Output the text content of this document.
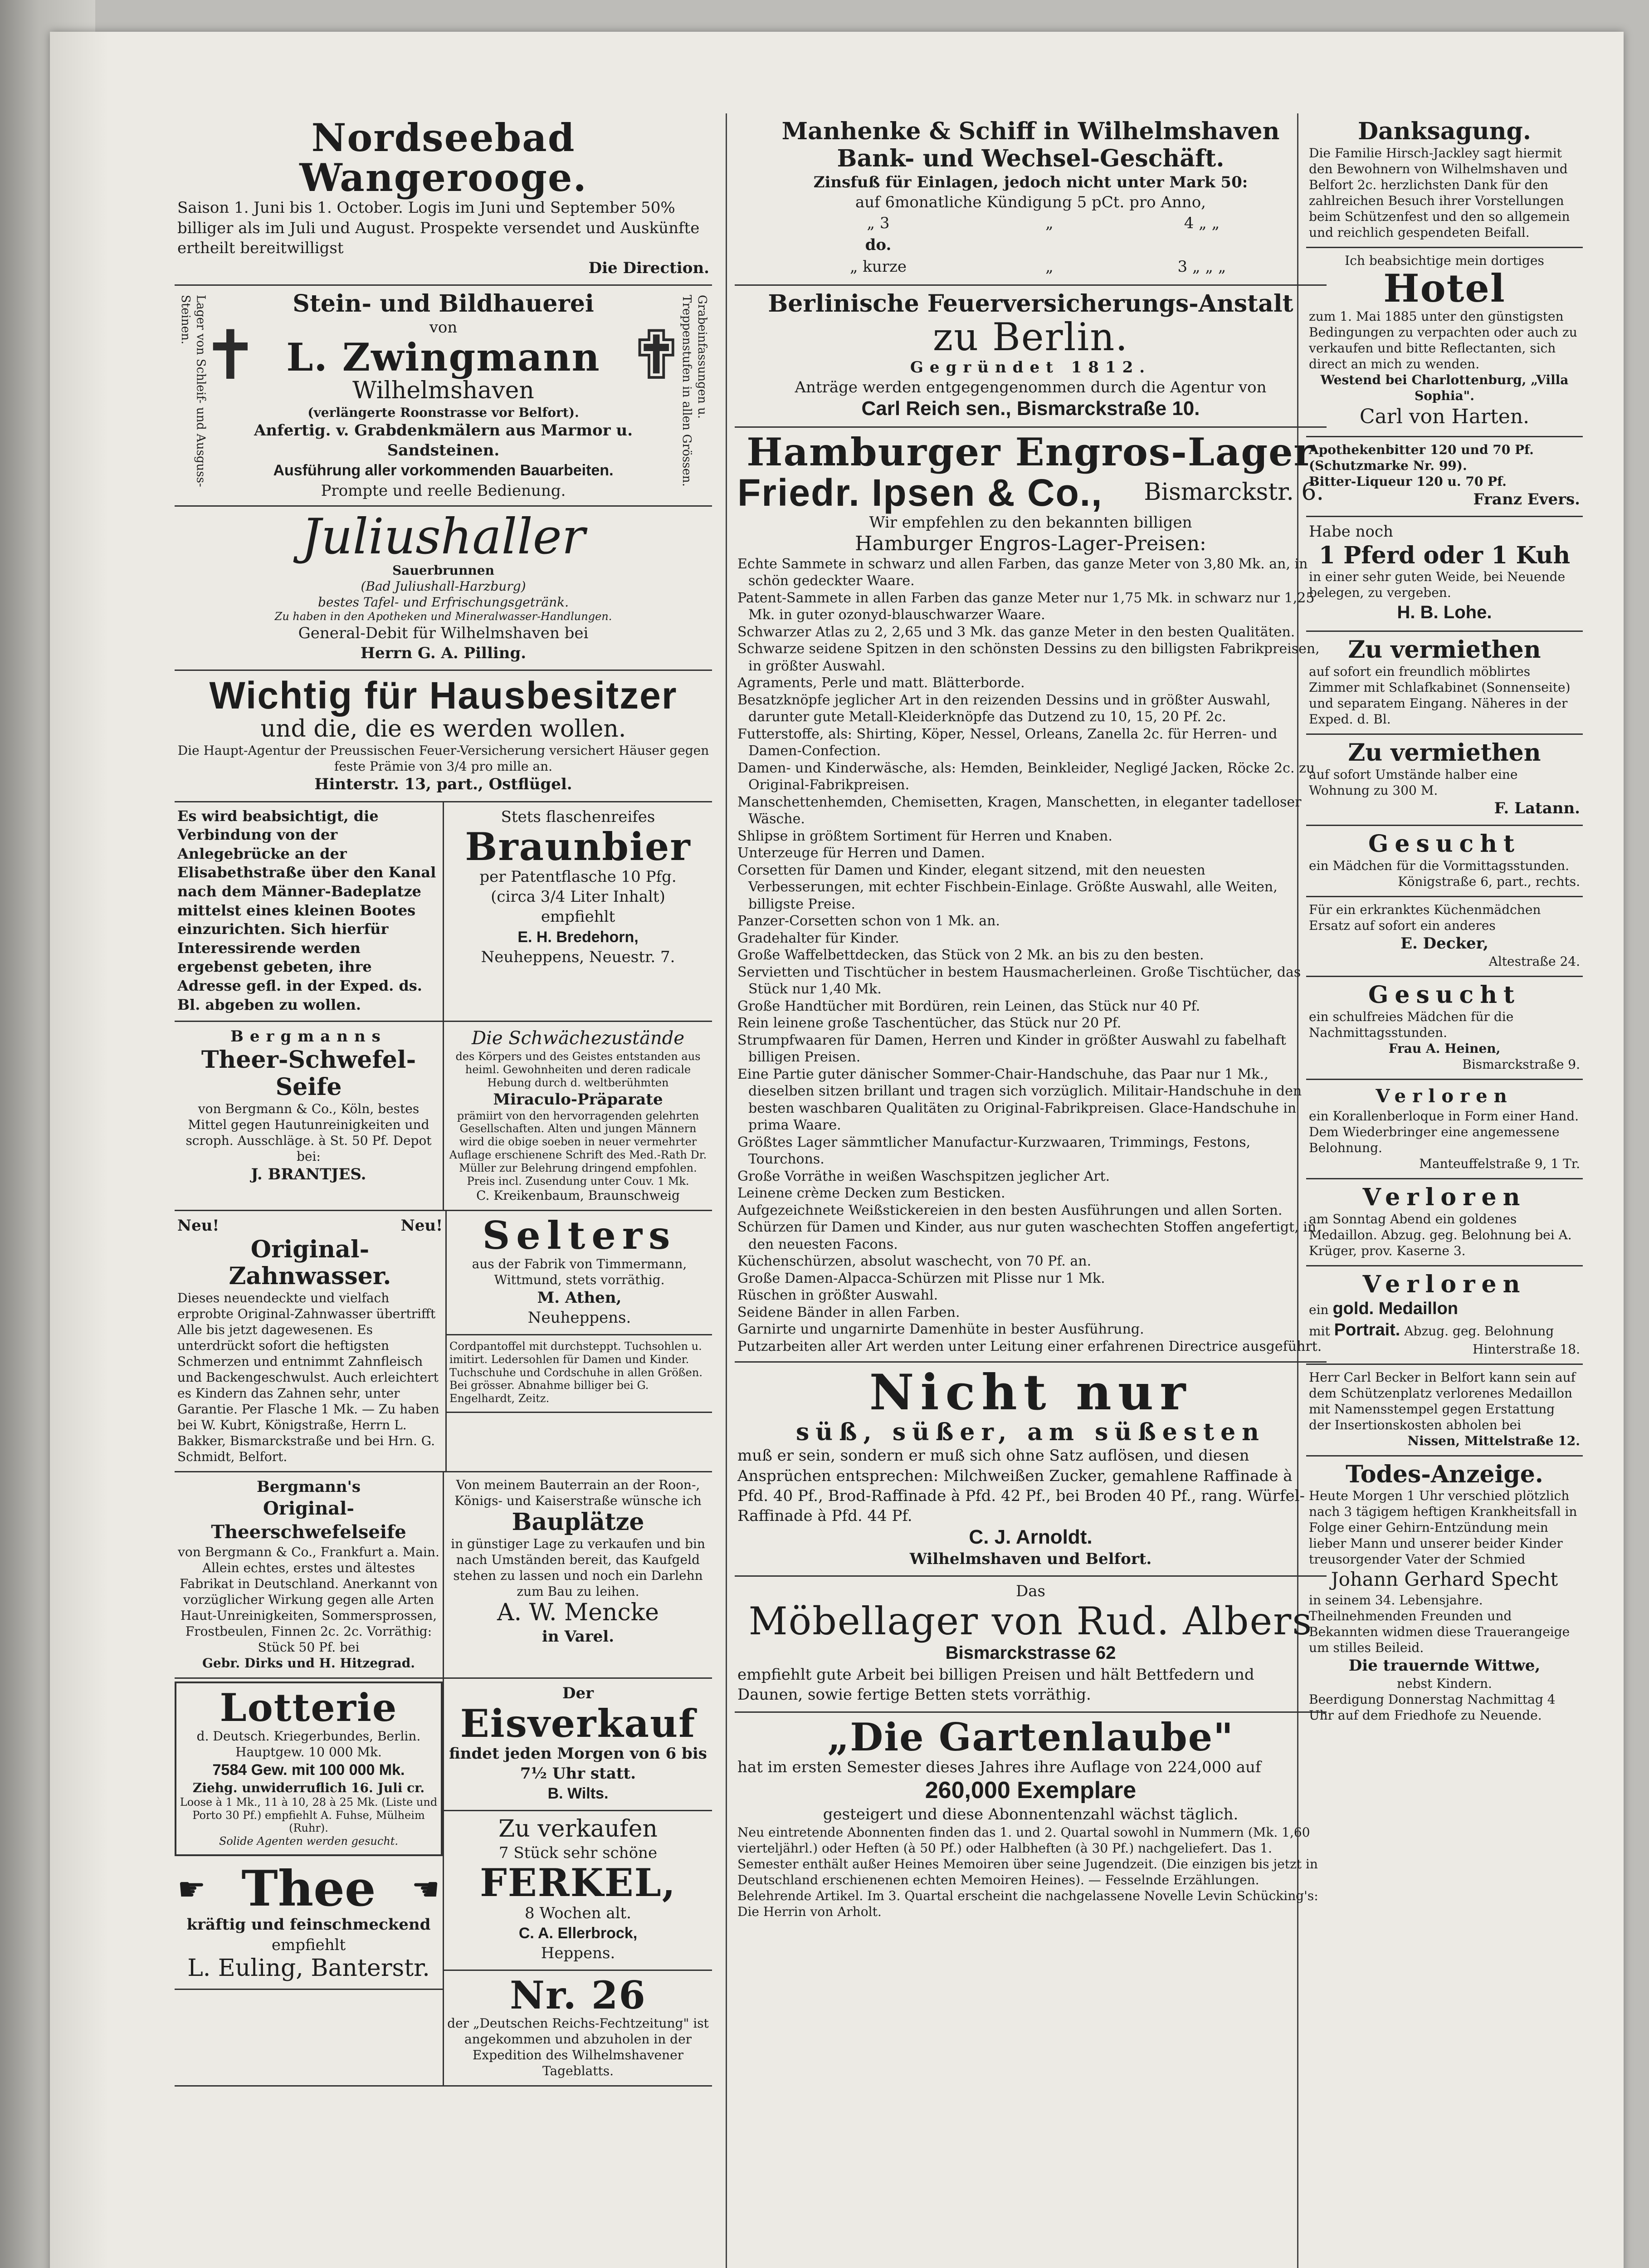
Nordseebad Wangerooge.
Saison 1. Juni bis 1. October. Logis im Juni und September 50% billiger als im Juli und August. Prospekte versendet und Auskünfte ertheilt bereitwilligst
Die Direction.
Lager von Schleif- und Ausguss-Steinen.	Grabeinfassungen u. Treppenstufen in allen Grössen.
✝
Stein- und Bildhauerei
von
L. Zwingmann
Wilhelmshaven
(verlängerte Roonstrasse vor Belfort).
✟
Anfertig. v. Grabdenkmälern aus Marmor u. Sandsteinen.
Ausführung aller vorkommenden Bauarbeiten.
Prompte und reelle Bedienung.
Juliushaller
Sauerbrunnen
(Bad Juliushall-Harzburg)
bestes Tafel- und Erfrischungsgetränk.
Zu haben in den Apotheken und Mineralwasser-Handlungen.
General-Debit für Wilhelmshaven bei
Herrn G. A. Pilling.
Wichtig für Hausbesitzer
und die, die es werden wollen.
Die Haupt-Agentur der Preussischen Feuer-Versicherung versichert Häuser gegen feste Prämie von 3/4 pro mille an.
Hinterstr. 13, part., Ostflügel.
Es wird beabsichtigt, die Verbindung von der Anlegebrücke an der Elisabethstraße über den Kanal nach dem Männer-Badeplatze mittelst eines kleinen Bootes einzurichten. Sich hierfür Interessirende werden ergebenst gebeten, ihre Adresse gefl. in der Exped. ds. Bl. abgeben zu wollen.
Stets flaschenreifes
Braunbier
per Patentflasche 10 Pfg.
(circa 3/4 Liter Inhalt)
empfiehlt
E. H. Bredehorn,
Neuheppens, Neuestr. 7.
Bergmanns
Theer-Schwefel-Seife
von Bergmann & Co., Köln, bestes Mittel gegen Hautunreinigkeiten und scroph. Ausschläge. à St. 50 Pf. Depot bei:
J. BRANTJES.
Die Schwächezustände
des Körpers und des Geistes entstanden aus heiml. Gewohnheiten und deren radicale Hebung durch d. weltberühmten
Miraculo-Präparate
prämiirt von den hervorragenden gelehrten Gesellschaften. Alten und jungen Männern wird die obige soeben in neuer vermehrter Auflage erschienene Schrift des Med.-Rath Dr. Müller zur Belehrung dringend empfohlen. Preis incl. Zusendung unter Couv. 1 Mk.
C. Kreikenbaum, Braunschweig
Neu!	Neu!
Original-Zahnwasser.
Dieses neuendeckte und vielfach erprobte Original-Zahnwasser übertrifft Alle bis jetzt dagewesenen. Es unterdrückt sofort die heftigsten Schmerzen und entnimmt Zahnfleisch und Backengeschwulst. Auch erleichtert es Kindern das Zahnen sehr, unter Garantie. Per Flasche 1 Mk. — Zu haben bei W. Kubrt, Königstraße, Herrn L. Bakker, Bismarckstraße und bei Hrn. G. Schmidt, Belfort.
Selters
aus der Fabrik von Timmermann, Wittmund, stets vorräthig.
M. Athen,
Neuheppens.
Cordpantoffel mit durchsteppt. Tuchsohlen u. imitirt. Ledersohlen für Damen und Kinder. Tuchschuhe und Cordschuhe in allen Größen. Bei grösser. Abnahme billiger bei G. Engelhardt, Zeitz.
Bergmann's
Original-Theerschwefelseife
von Bergmann & Co., Frankfurt a. Main. Allein echtes, erstes und ältestes Fabrikat in Deutschland. Anerkannt von vorzüglicher Wirkung gegen alle Arten Haut-Unreinigkeiten, Sommersprossen, Frostbeulen, Finnen 2c. 2c. Vorräthig: Stück 50 Pf. bei
Gebr. Dirks und H. Hitzegrad.
Von meinem Bauterrain an der Roon-, Königs- und Kaiserstraße wünsche ich
Bauplätze
in günstiger Lage zu verkaufen und bin nach Umständen bereit, das Kaufgeld stehen zu lassen und noch ein Darlehn zum Bau zu leihen.
A. W. Mencke
in Varel.
Lotterie
d. Deutsch. Kriegerbundes, Berlin. Hauptgew. 10 000 Mk.
7584 Gew. mit 100 000 Mk.
Ziehg. unwiderruflich 16. Juli cr.
Loose à 1 Mk., 11 à 10, 28 à 25 Mk. (Liste und Porto 30 Pf.) empfiehlt A. Fuhse, Mülheim (Ruhr).
Solide Agenten werden gesucht.
☛ Thee ☚
kräftig und feinschmeckend
empfiehlt
L. Euling, Banterstr.
Der
Eisverkauf
findet jeden Morgen von 6 bis 7½ Uhr statt.
B. Wilts.
Zu verkaufen
7 Stück sehr schöne
FERKEL,
8 Wochen alt.
C. A. Ellerbrock,
Heppens.
Nr. 26
der „Deutschen Reichs-Fechtzeitung" ist angekommen und abzuholen in der Expedition des Wilhelmshavener Tageblatts.
Manhenke & Schiff in Wilhelmshaven
Bank- und Wechsel-Geschäft.
Zinsfuß für Einlagen, jedoch nicht unter Mark 50:
auf 6monatliche Kündigung 5 pCt. pro Anno,
„ 3	„	4 „ „
do.		
„ kurze	„	3 „ „ „
Berlinische Feuerversicherungs-Anstalt
zu Berlin.
Gegründet 1812.
Anträge werden entgegengenommen durch die Agentur von
Carl Reich sen., Bismarckstraße 10.
Hamburger Engros-Lager
Friedr. Ipsen & Co., Bismarckstr. 6.
Wir empfehlen zu den bekannten billigen
Hamburger Engros-Lager-Preisen:
Echte Sammete in schwarz und allen Farben, das ganze Meter von 3,80 Mk. an, in schön gedeckter Waare.
Patent-Sammete in allen Farben das ganze Meter nur 1,75 Mk. in schwarz nur 1,25 Mk. in guter ozonyd-blauschwarzer Waare.
Schwarzer Atlas zu 2, 2,65 und 3 Mk. das ganze Meter in den besten Qualitäten.
Schwarze seidene Spitzen in den schönsten Dessins zu den billigsten Fabrikpreisen, in größter Auswahl.
Agraments, Perle und matt. Blätterborde.
Besatzknöpfe jeglicher Art in den reizenden Dessins und in größter Auswahl, darunter gute Metall-Kleiderknöpfe das Dutzend zu 10, 15, 20 Pf. 2c.
Futterstoffe, als: Shirting, Köper, Nessel, Orleans, Zanella 2c. für Herren- und Damen-Confection.
Damen- und Kinderwäsche, als: Hemden, Beinkleider, Negligé Jacken, Röcke 2c. zu Original-Fabrikpreisen.
Manschettenhemden, Chemisetten, Kragen, Manschetten, in eleganter tadelloser Wäsche.
Shlipse in größtem Sortiment für Herren und Knaben.
Unterzeuge für Herren und Damen.
Corsetten für Damen und Kinder, elegant sitzend, mit den neuesten Verbesserungen, mit echter Fischbein-Einlage. Größte Auswahl, alle Weiten, billigste Preise.
Panzer-Corsetten schon von 1 Mk. an.
Gradehalter für Kinder.
Große Waffelbettdecken, das Stück von 2 Mk. an bis zu den besten.
Servietten und Tischtücher in bestem Hausmacherleinen. Große Tischtücher, das Stück nur 1,40 Mk.
Große Handtücher mit Bordüren, rein Leinen, das Stück nur 40 Pf.
Rein leinene große Taschentücher, das Stück nur 20 Pf.
Strumpfwaaren für Damen, Herren und Kinder in größter Auswahl zu fabelhaft billigen Preisen.
Eine Partie guter dänischer Sommer-Chair-Handschuhe, das Paar nur 1 Mk., dieselben sitzen brillant und tragen sich vorzüglich. Militair-Handschuhe in den besten waschbaren Qualitäten zu Original-Fabrikpreisen. Glace-Handschuhe in prima Waare.
Größtes Lager sämmtlicher Manufactur-Kurzwaaren, Trimmings, Festons, Tourchons.
Große Vorräthe in weißen Waschspitzen jeglicher Art.
Leinene crème Decken zum Besticken.
Aufgezeichnete Weißstickereien in den besten Ausführungen und allen Sorten.
Schürzen für Damen und Kinder, aus nur guten waschechten Stoffen angefertigt, in den neuesten Facons.
Küchenschürzen, absolut waschecht, von 70 Pf. an.
Große Damen-Alpacca-Schürzen mit Plisse nur 1 Mk.
Rüschen in größter Auswahl.
Seidene Bänder in allen Farben.
Garnirte und ungarnirte Damenhüte in bester Ausführung.
Putzarbeiten aller Art werden unter Leitung einer erfahrenen Directrice ausgeführt.
Nicht nur
süß, süßer, am süßesten
muß er sein, sondern er muß sich ohne Satz auflösen, und diesen Ansprüchen entsprechen: Milchweißen Zucker, gemahlene Raffinade à Pfd. 40 Pf., Brod-Raffinade à Pfd. 42 Pf., bei Broden 40 Pf., rang. Würfel-Raffinade à Pfd. 44 Pf.
C. J. Arnoldt.
Wilhelmshaven und Belfort.
Das
Möbellager von Rud. Albers
Bismarckstrasse 62
empfiehlt gute Arbeit bei billigen Preisen und hält Bettfedern und Daunen, sowie fertige Betten stets vorräthig.
„Die Gartenlaube"
hat im ersten Semester dieses Jahres ihre Auflage von 224,000 auf
260,000 Exemplare
gesteigert und diese Abonnentenzahl wächst täglich.
Neu eintretende Abonnenten finden das 1. und 2. Quartal sowohl in Nummern (Mk. 1,60 vierteljährl.) oder Heften (à 50 Pf.) oder Halbheften (à 30 Pf.) nachgeliefert. Das 1. Semester enthält außer Heines Memoiren über seine Jugendzeit. (Die einzigen bis jetzt in Deutschland erschienenen echten Memoiren Heines). — Fesselnde Erzählungen. Belehrende Artikel. Im 3. Quartal erscheint die nachgelassene Novelle Levin Schücking's: Die Herrin von Arholt.
Danksagung.
Die Familie Hirsch-Jackley sagt hiermit den Bewohnern von Wilhelmshaven und Belfort 2c. herzlichsten Dank für den zahlreichen Besuch ihrer Vorstellungen beim Schützenfest und den so allgemein und reichlich gespendeten Beifall.
Ich beabsichtige mein dortiges
Hotel
zum 1. Mai 1885 unter den günstigsten Bedingungen zu verpachten oder auch zu verkaufen und bitte Reflectanten, sich direct an mich zu wenden.
Westend bei Charlottenburg, „Villa Sophia".
Carl von Harten.
Apothekenbitter 120 und 70 Pf. (Schutzmarke Nr. 99).
Bitter-Liqueur 120 u. 70 Pf.
Franz Evers.
Habe noch
1 Pferd oder 1 Kuh
in einer sehr guten Weide, bei Neuende belegen, zu vergeben.
H. B. Lohe.
Zu vermiethen
auf sofort ein freundlich möblirtes Zimmer mit Schlafkabinet (Sonnenseite) und separatem Eingang. Näheres in der Exped. d. Bl.
Zu vermiethen
auf sofort Umstände halber eine Wohnung zu 300 M.
F. Latann.
Gesucht
ein Mädchen für die Vormittagsstunden.
Königstraße 6, part., rechts.
Für ein erkranktes Küchenmädchen Ersatz auf sofort ein anderes
E. Decker,
Altestraße 24.
Gesucht
ein schulfreies Mädchen für die Nachmittagsstunden.
Frau A. Heinen,
Bismarckstraße 9.
Verloren
ein Korallenberloque in Form einer Hand. Dem Wiederbringer eine angemessene Belohnung.
Manteuffelstraße 9, 1 Tr.
Verloren
am Sonntag Abend ein goldenes Medaillon. Abzug. geg. Belohnung bei A. Krüger, prov. Kaserne 3.
Verloren
ein gold. Medaillon
mit Portrait. Abzug. geg. Belohnung
Hinterstraße 18.
Herr Carl Becker in Belfort kann sein auf dem Schützenplatz verlorenes Medaillon mit Namensstempel gegen Erstattung der Insertionskosten abholen bei
Nissen, Mittelstraße 12.
Todes-Anzeige.
Heute Morgen 1 Uhr verschied plötzlich nach 3 tägigem heftigen Krankheitsfall in Folge einer Gehirn-Entzündung mein lieber Mann und unserer beider Kinder treusorgender Vater der Schmied
Johann Gerhard Specht
in seinem 34. Lebensjahre. Theilnehmenden Freunden und Bekannten widmen diese Trauerangeige um stilles Beileid.
Die trauernde Wittwe,
nebst Kindern.
Beerdigung Donnerstag Nachmittag 4 Uhr auf dem Friedhofe zu Neuende.
